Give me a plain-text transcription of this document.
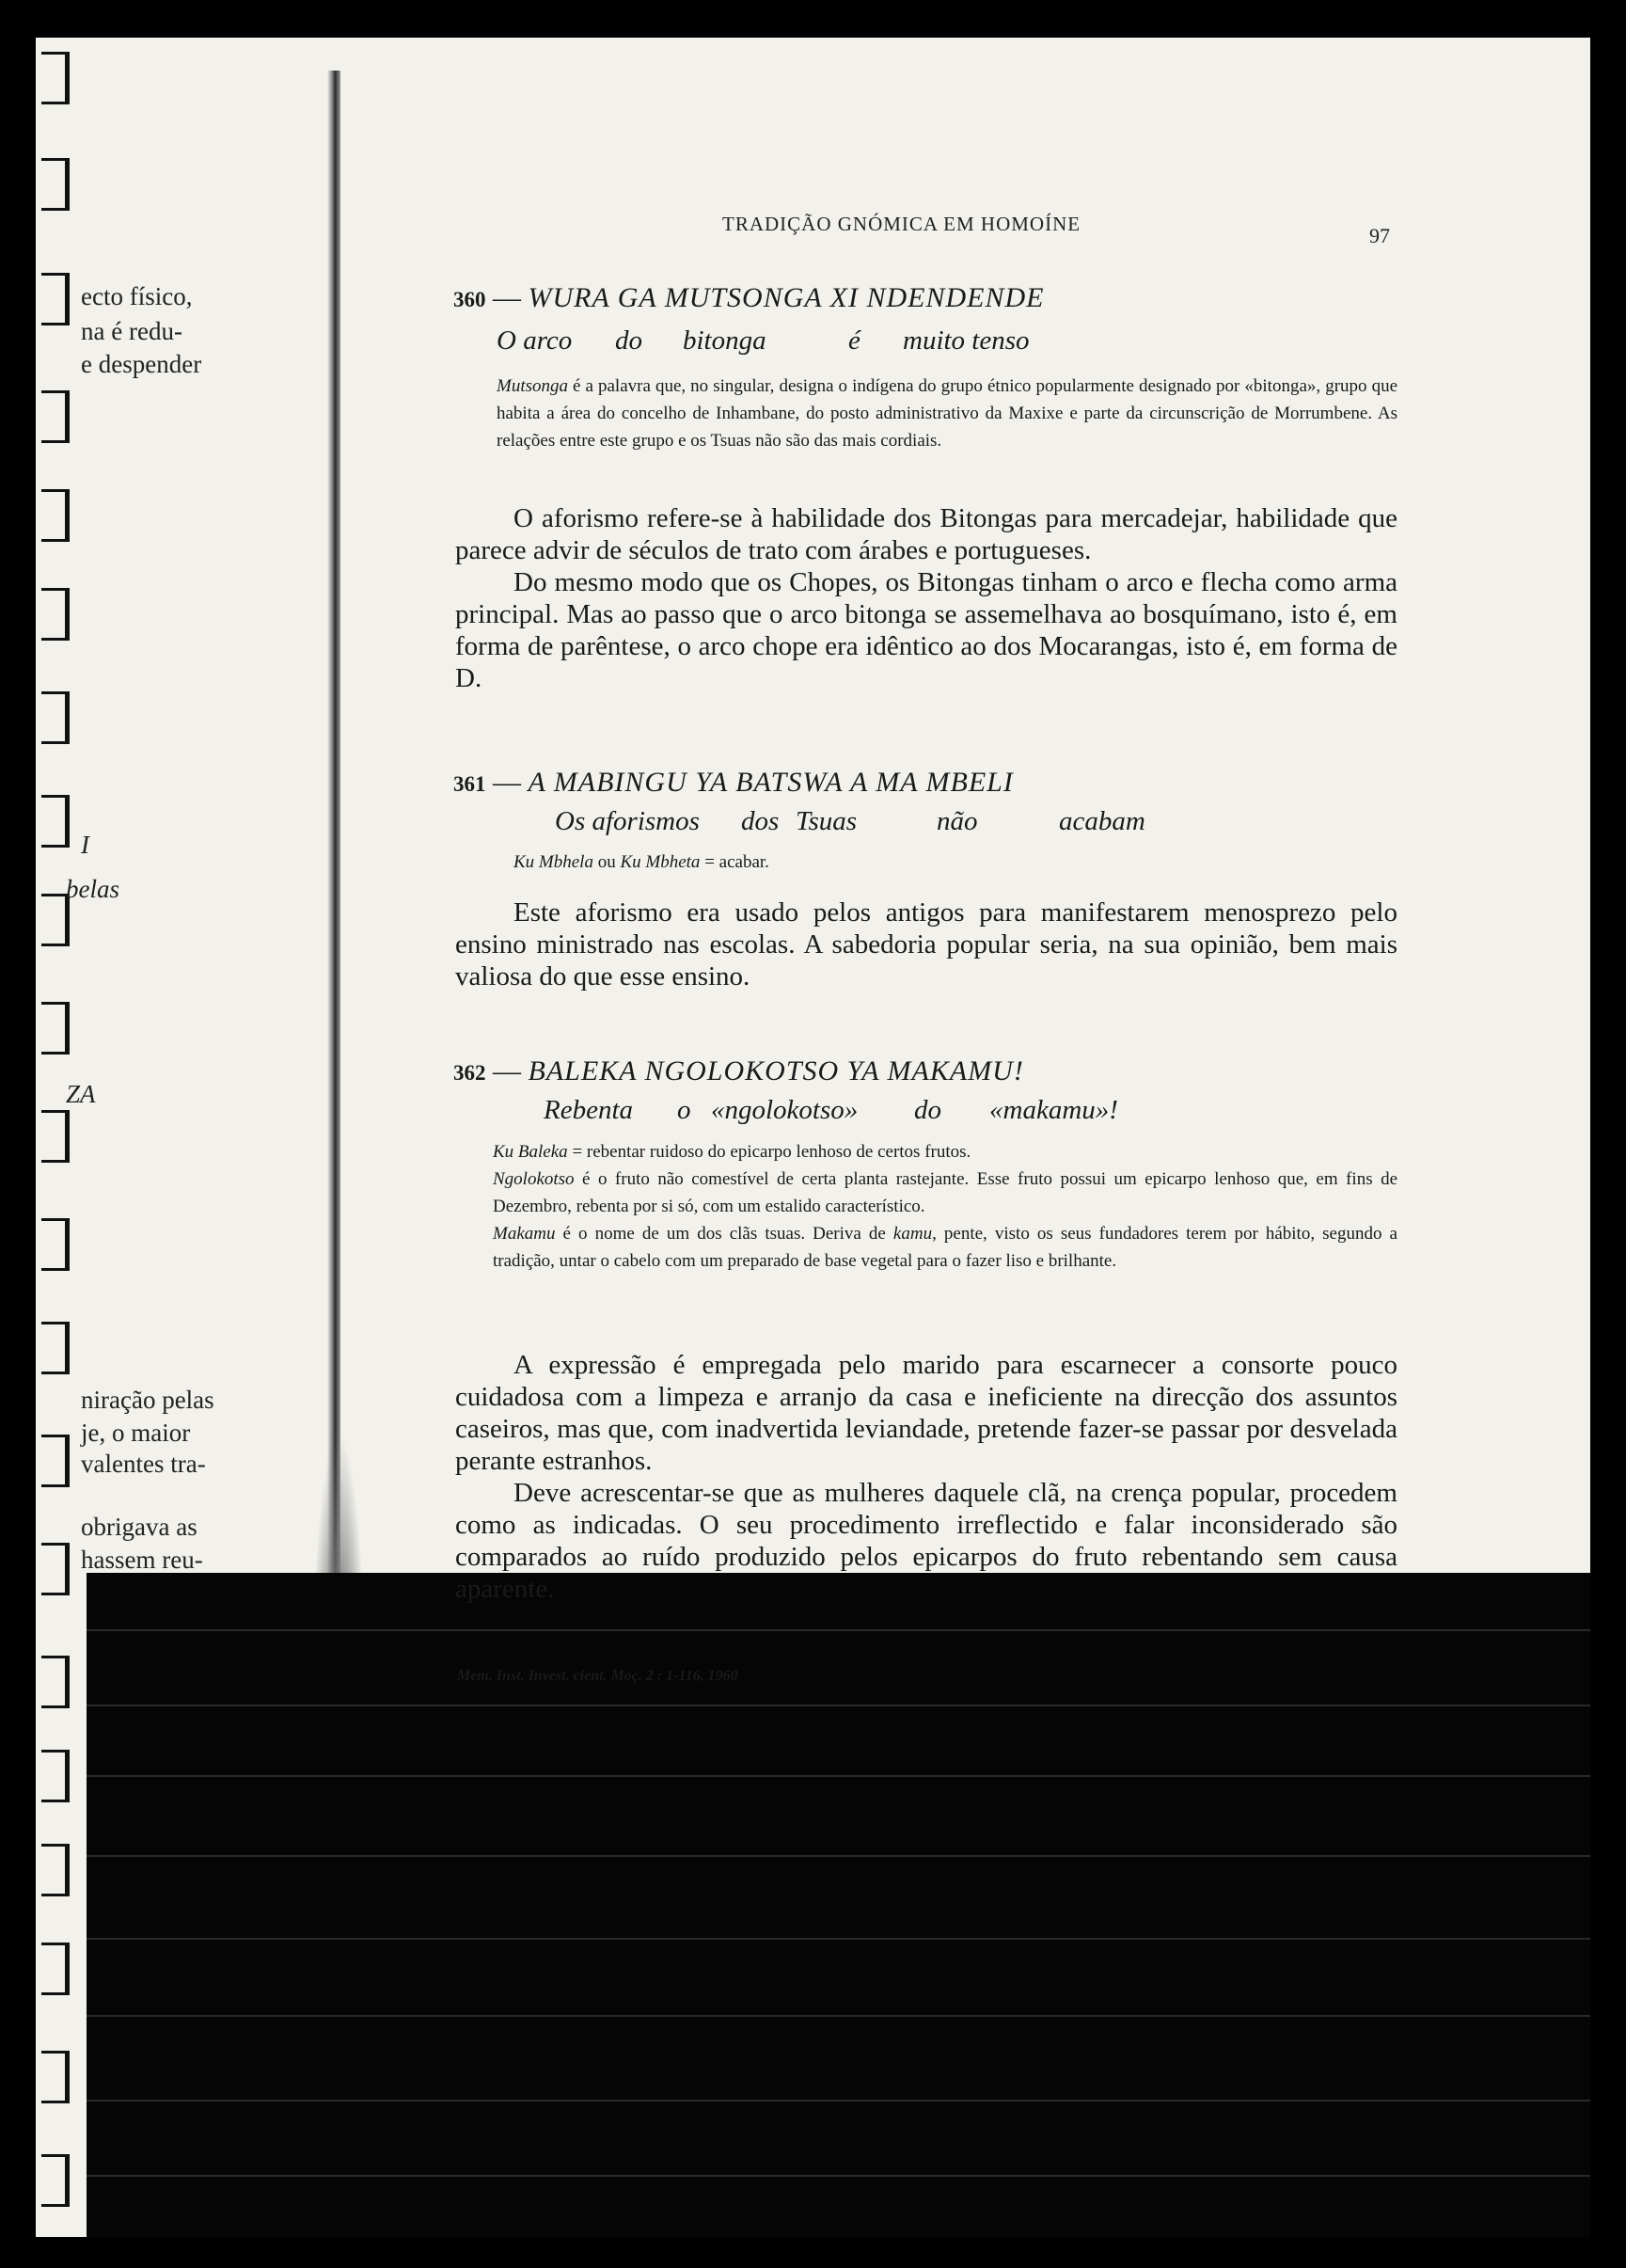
ecto físico,
na é redu-
e despender
I
belas
ZA
niração pelas
je, o maior
valentes tra-
obrigava as
hassem reu-
TRADIÇÃO GNÓMICA EM HOMOÍNE	97
360 — WURA GA MUTSONGA XI NDENDENDE
O arco do bitonga	é muito tenso
Mutsonga é a palavra que, no singular, designa o indígena do grupo étnico popularmente designado por «bitonga», grupo que habita a área do concelho de Inhambane, do posto administrativo da Maxixe e parte da circunscrição de Morrumbene. As relações entre este grupo e os Tsuas não são das mais cordiais.

O aforismo refere-se à habilidade dos Bitongas para mercadejar, habilidade que parece advir de séculos de trato com árabes e portugueses.

Do mesmo modo que os Chopes, os Bitongas tinham o arco e flecha como arma principal. Mas ao passo que o arco bitonga se assemelhava ao bosquímano, isto é, em forma de parêntese, o arco chope era idêntico ao dos Mocarangas, isto é, em forma de D.

361 — A MABINGU YA BATSWA A MA MBELI
Os aforismos dos Tsuas	não	acabam
Ku Mbhela ou Ku Mbheta = acabar.

Este aforismo era usado pelos antigos para manifestarem menosprezo pelo ensino ministrado nas escolas. A sabedoria popular seria, na sua opinião, bem mais valiosa do que esse ensino.

362 — BALEKA NGOLOKOTSO YA MAKAMU!
Rebenta o «ngolokotso» do «makamu»!
Ku Baleka = rebentar ruidoso do epicarpo lenhoso de certos frutos.
Ngolokotso é o fruto não comestível de certa planta rastejante. Esse fruto possui um epicarpo lenhoso que, em fins de Dezembro, rebenta por si só, com um estalido característico.
Makamu é o nome de um dos clãs tsuas. Deriva de kamu, pente, visto os seus fundadores terem por hábito, segundo a tradição, untar o cabelo com um preparado de base vegetal para o fazer liso e brilhante.

A expressão é empregada pelo marido para escarnecer a consorte pouco cuidadosa com a limpeza e arranjo da casa e ineficiente na direcção dos assuntos caseiros, mas que, com inadvertida leviandade, pretende fazer-se passar por desvelada perante estranhos.

Deve acrescentar-se que as mulheres daquele clã, na crença popular, procedem como as indicadas. O seu procedimento irreflectido e falar inconsiderado são comparados ao ruído produzido pelos epicarpos do fruto rebentando sem causa aparente.

Mem. Inst. Invest. cient. Moç. 2 : 1-116, 1960
